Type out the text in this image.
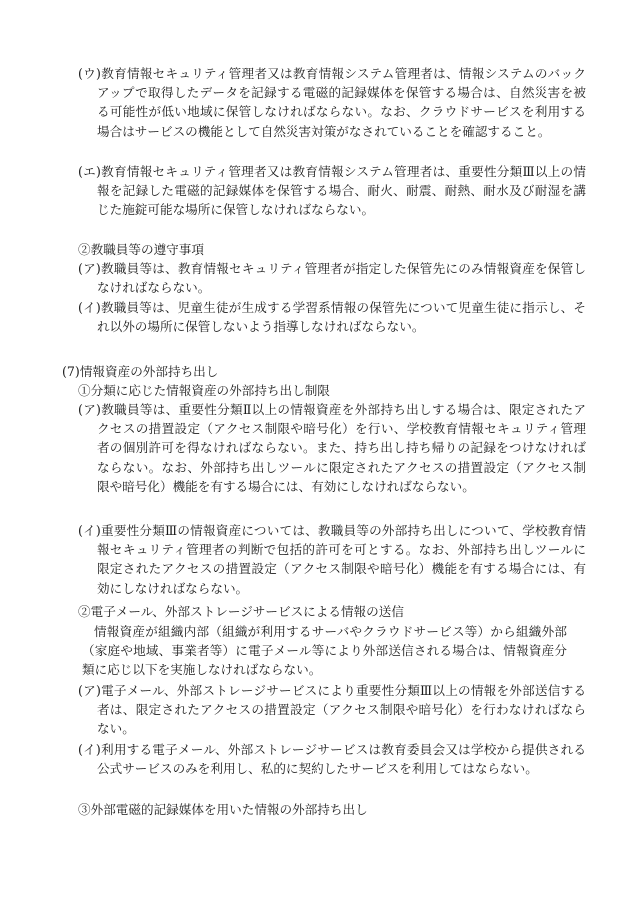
(ウ)教育情報セキュリティ管理者又は教育情報システム管理者は、情報システムのバックアップで取得したデータを記録する電磁的記録媒体を保管する場合は、自然災害を被る可能性が低い地域に保管しなければならない。なお、クラウドサービスを利用する場合はサービスの機能として自然災害対策がなされていることを確認すること。

(エ)教育情報セキュリティ管理者又は教育情報システム管理者は、重要性分類Ⅲ以上の情報を記録した電磁的記録媒体を保管する場合、耐火、耐震、耐熱、耐水及び耐湿を講じた施錠可能な場所に保管しなければならない。

②教職員等の遵守事項

(ア)教職員等は、教育情報セキュリティ管理者が指定した保管先にのみ情報資産を保管しなければならない。

(イ)教職員等は、児童生徒が生成する学習系情報の保管先について児童生徒に指示し、それ以外の場所に保管しないよう指導しなければならない。

(7)情報資産の外部持ち出し

①分類に応じた情報資産の外部持ち出し制限

(ア)教職員等は、重要性分類Ⅱ以上の情報資産を外部持ち出しする場合は、限定されたアクセスの措置設定（アクセス制限や暗号化）を行い、学校教育情報セキュリティ管理者の個別許可を得なければならない。また、持ち出し持ち帰りの記録をつけなければならない。なお、外部持ち出しツールに限定されたアクセスの措置設定（アクセス制限や暗号化）機能を有する場合には、有効にしなければならない。

(イ)重要性分類Ⅲの情報資産については、教職員等の外部持ち出しについて、学校教育情報セキュリティ管理者の判断で包括的許可を可とする。なお、外部持ち出しツールに限定されたアクセスの措置設定（アクセス制限や暗号化）機能を有する場合には、有効にしなければならない。

②電子メール、外部ストレージサービスによる情報の送信

情報資産が組織内部（組織が利用するサーバやクラウドサービス等）から組織外部（家庭や地域、事業者等）に電子メール等により外部送信される場合は、情報資産分類に応じ以下を実施しなければならない。

(ア)電子メール、外部ストレージサービスにより重要性分類Ⅲ以上の情報を外部送信する者は、限定されたアクセスの措置設定（アクセス制限や暗号化）を行わなければならない。

(イ)利用する電子メール、外部ストレージサービスは教育委員会又は学校から提供される公式サービスのみを利用し、私的に契約したサービスを利用してはならない。

③外部電磁的記録媒体を用いた情報の外部持ち出し
